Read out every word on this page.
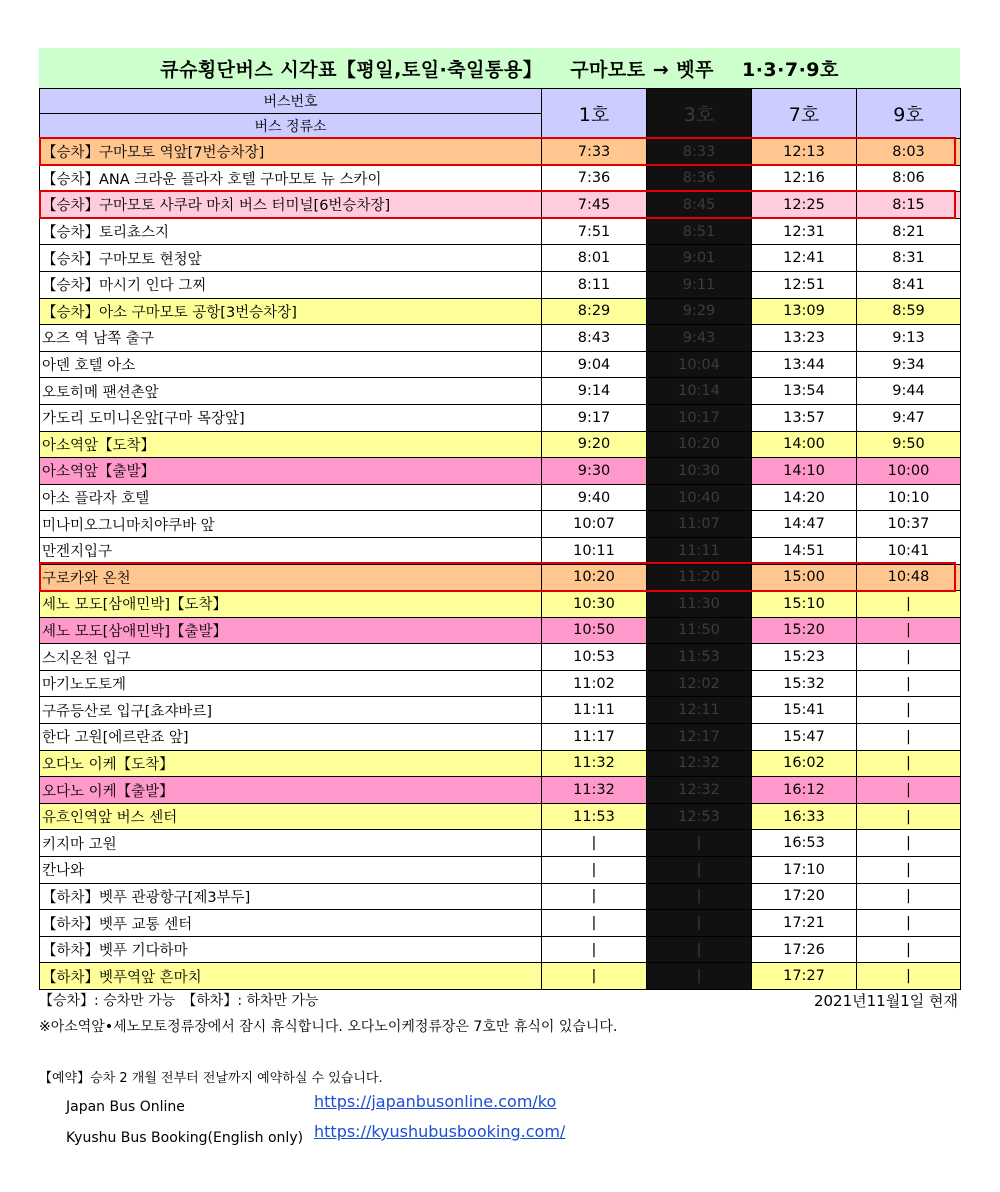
큐슈횡단버스 시각표【평일,토일·축일통용】 구마모토 → 벳푸 1·3·7·9호
버스번호	1호	3호	7호	9호
버스 정류소				
【승차】구마모토 역앞[7번승차장]	7:33	8:33	12:13	8:03
【승차】ANA 크라운 플라자 호텔 구마모토 뉴 스카이	7:36	8:36	12:16	8:06
【승차】구마모토 사쿠라 마치 버스 터미널[6번승차장]	7:45	8:45	12:25	8:15
【승차】토리쵸스지	7:51	8:51	12:31	8:21
【승차】구마모토 현청앞	8:01	9:01	12:41	8:31
【승차】마시기 인다 그찌	8:11	9:11	12:51	8:41
【승차】아소 구마모토 공항[3번승차장]	8:29	9:29	13:09	8:59
오즈 역 남쪽 출구	8:43	9:43	13:23	9:13
아덴 호텔 아소	9:04	10:04	13:44	9:34
오토히메 팬션촌앞	9:14	10:14	13:54	9:44
가도리 도미니온앞[구마 목장앞]	9:17	10:17	13:57	9:47
아소역앞【도착】	9:20	10:20	14:00	9:50
아소역앞【출발】	9:30	10:30	14:10	10:00
아소 플라자 호텔	9:40	10:40	14:20	10:10
미나미오그니마치야쿠바 앞	10:07	11:07	14:47	10:37
만겐지입구	10:11	11:11	14:51	10:41
구로카와 온천	10:20	11:20	15:00	10:48
세노 모도[삼애민박]【도착】	10:30	11:30	15:10	|
세노 모도[삼애민박]【출발】	10:50	11:50	15:20	|
스지온천 입구	10:53	11:53	15:23	|
마기노도토게	11:02	12:02	15:32	|
구쥬등산로 입구[쵸쟈바르]	11:11	12:11	15:41	|
한다 고원[에르란죠 앞]	11:17	12:17	15:47	|
오다노 이케【도착】	11:32	12:32	16:02	|
오다노 이케【출발】	11:32	12:32	16:12	|
유흐인역앞 버스 센터	11:53	12:53	16:33	|
키지마 고원	|	|	16:53	|
칸나와	|	|	17:10	|
【하차】벳푸 관광항구[제3부두]	|	|	17:20	|
【하차】벳푸 교통 센터	|	|	17:21	|
【하차】벳푸 기다하마	|	|	17:26	|
【하차】벳푸역앞 흔마치	|	|	17:27	|
【승차】: 승차만 가능　【하차】: 하차만 가능	2021년11월1일 현재
※아소역앞•세노모토정류장에서 잠시 휴식합니다. 오다노이케정류장은 7호만 휴식이 있습니다.
【예약】승차 2 개월 전부터 전날까지 예약하실 수 있습니다.
Japan Bus Online	https://japanbusonline.com/ko
Kyushu Bus Booking(English only) https://kyushubusbooking.com/
